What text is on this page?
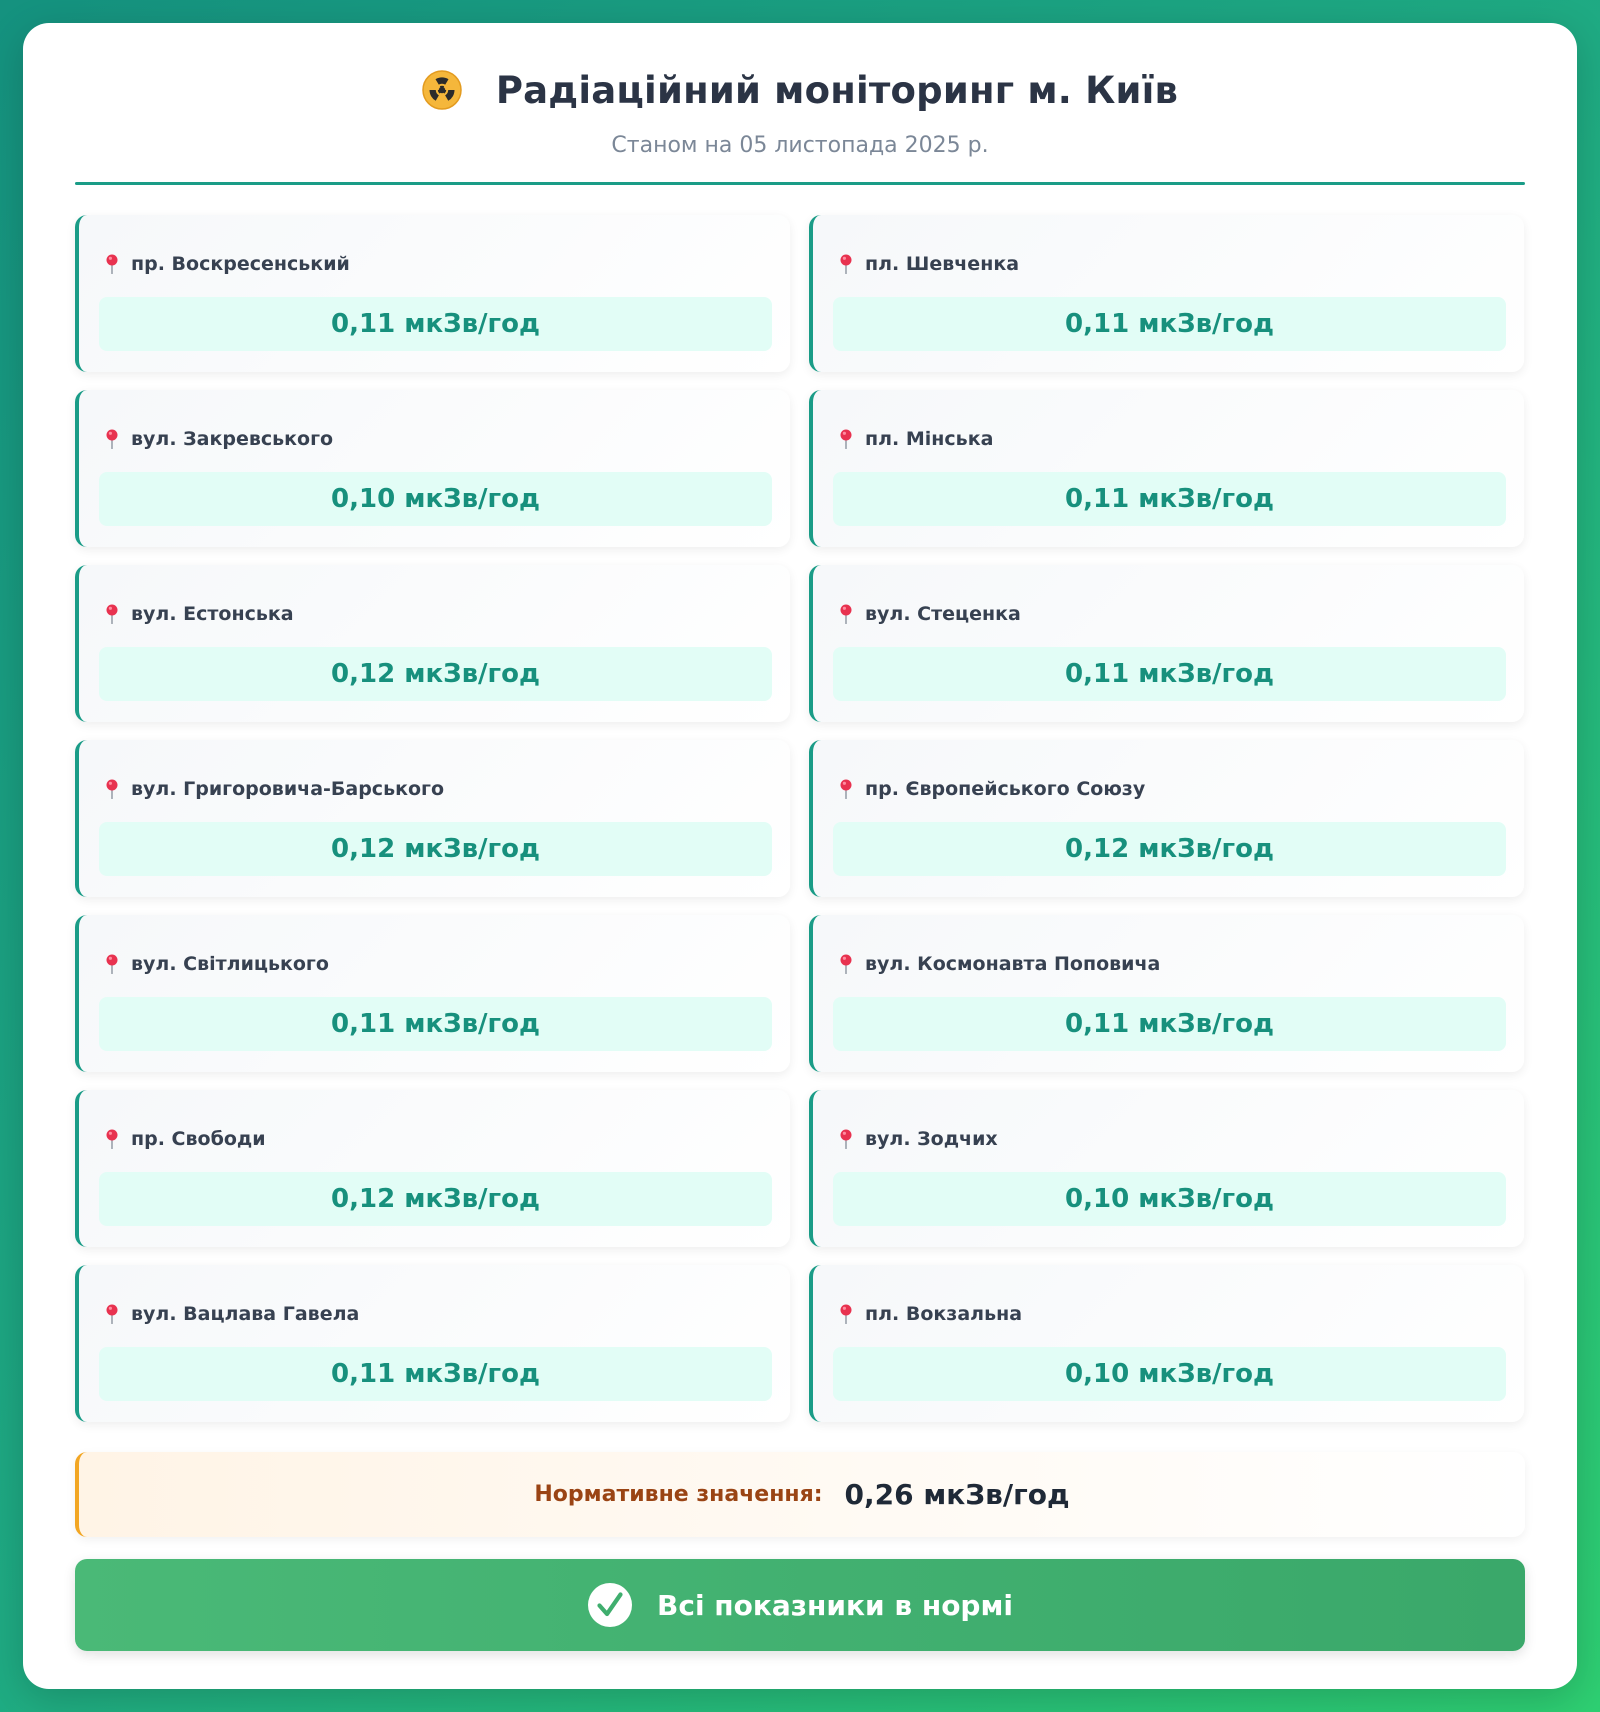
Радіаційний моніторинг м. Київ
Станом на 05 листопада 2025 р.
пр. Воскресенський
0,11 мкЗв/год
пл. Шевченка
0,11 мкЗв/год
вул. Закревського
0,10 мкЗв/год
пл. Мінська
0,11 мкЗв/год
вул. Естонська
0,12 мкЗв/год
вул. Стеценка
0,11 мкЗв/год
вул. Григоровича-Барського
0,12 мкЗв/год
пр. Європейського Союзу
0,12 мкЗв/год
вул. Світлицького
0,11 мкЗв/год
вул. Космонавта Поповича
0,11 мкЗв/год
пр. Свободи
0,12 мкЗв/год
вул. Зодчих
0,10 мкЗв/год
вул. Вацлава Гавела
0,11 мкЗв/год
пл. Вокзальна
0,10 мкЗв/год
Нормативне значення: 0,26 мкЗв/год
Всі показники в нормі
